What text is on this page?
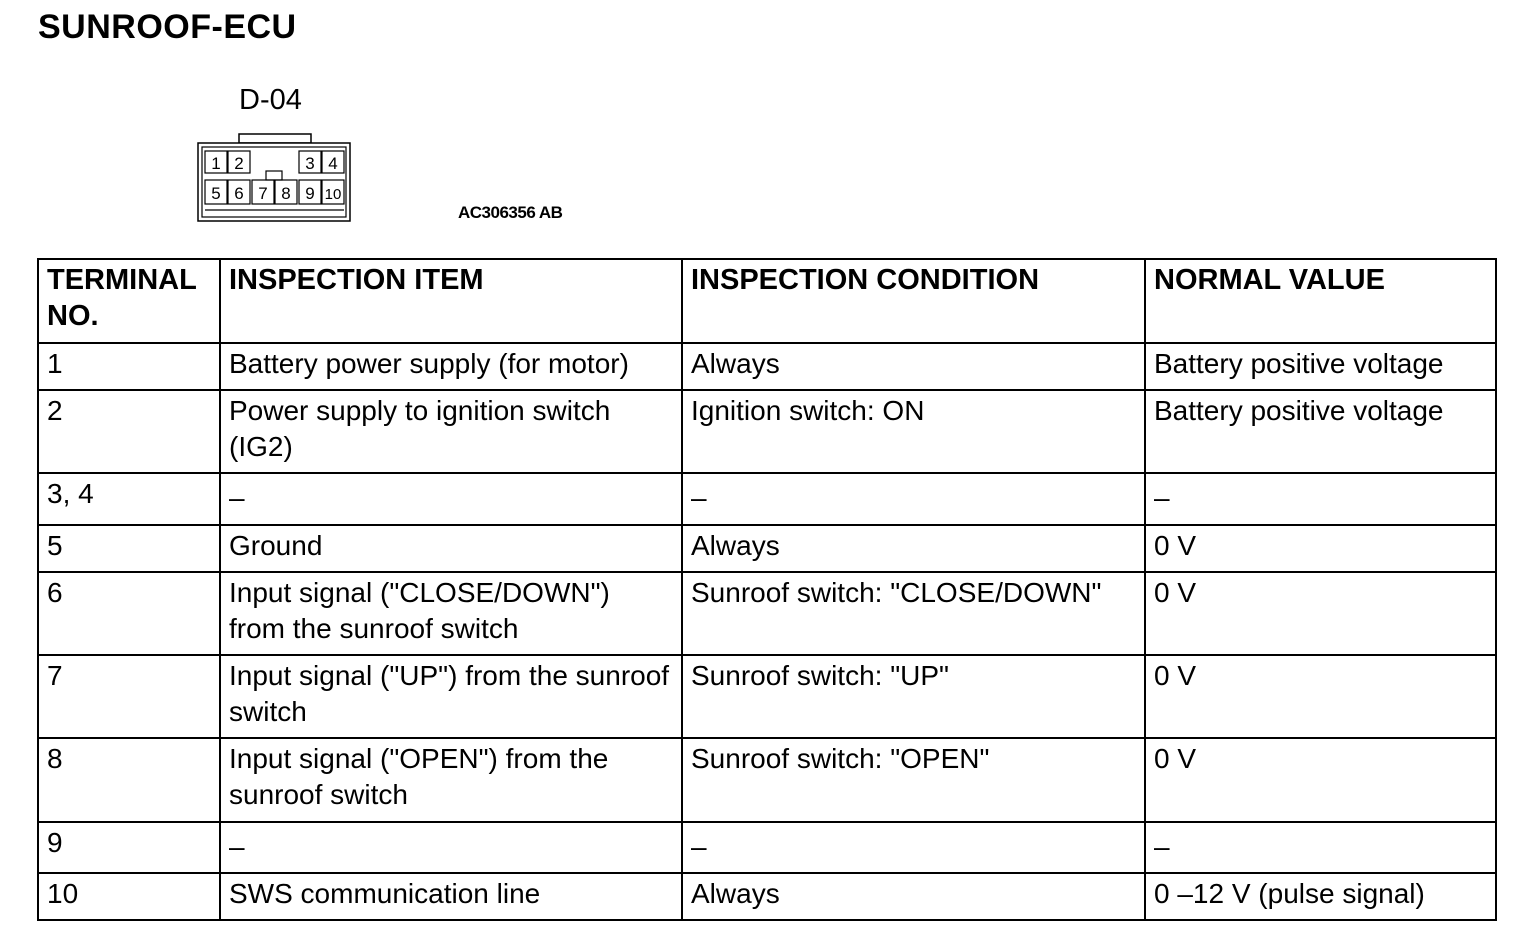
SUNROOF-ECU
D-04
1 2	3 4
5 6 7 8 9 10
AC306356 AB
TERMINAL NO.	INSPECTION ITEM	INSPECTION CONDITION	NORMAL VALUE
1	Battery power supply (for motor)	Always	Battery positive voltage
2	Power supply to ignition switch (IG2)	Ignition switch: ON	Battery positive voltage
3, 4	–	–	–
5	Ground	Always	0 V
6	Input signal ("CLOSE/DOWN") from the sunroof switch	Sunroof switch: "CLOSE/DOWN"	0 V
7	Input signal ("UP") from the sunroof switch	Sunroof switch: "UP"	0 V
8	Input signal ("OPEN") from the sunroof switch	Sunroof switch: "OPEN"	0 V
9	–	–	–
10	SWS communication line	Always	0 –12 V (pulse signal)
